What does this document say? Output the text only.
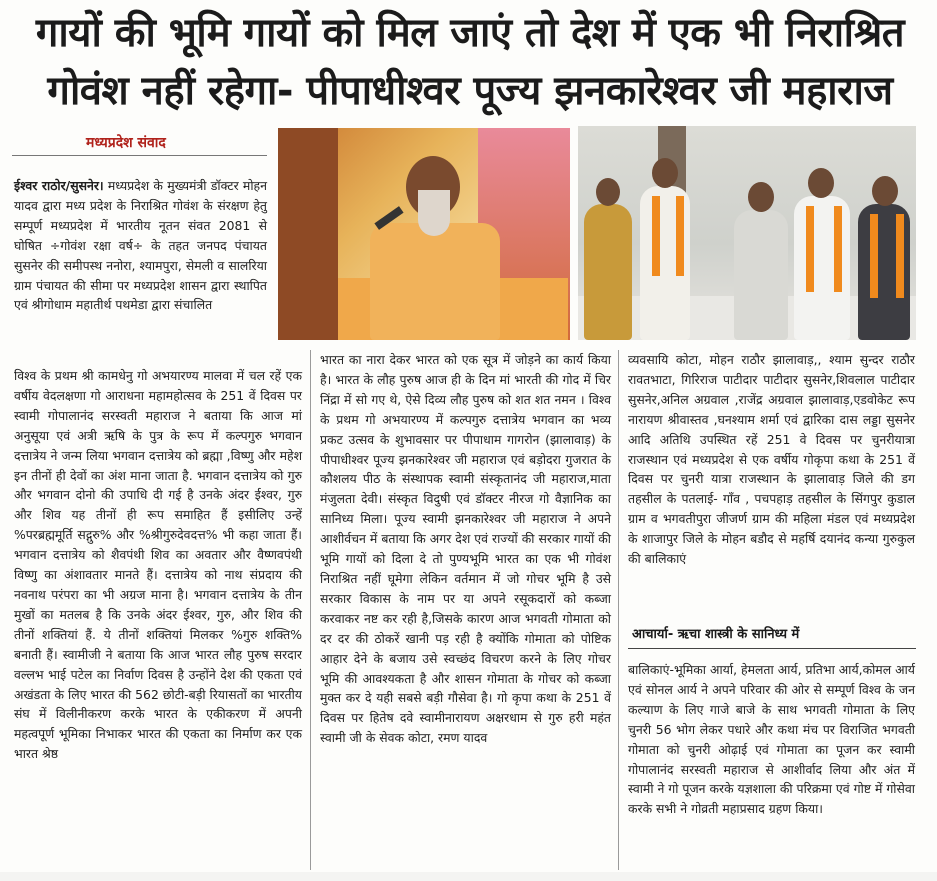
गायों की भूमि गायों को मिल जाएं तो देश में एक भी निराश्रित
गोवंश नहीं रहेगा- पीपाधीश्वर पूज्य झनकारेश्वर जी महाराज
मध्यप्रदेश संवाद

ईश्वर राठोर/सुसनेर। मध्यप्रदेश के मुख्यमंत्री डॉक्टर मोहन यादव द्वारा मध्य प्रदेश के निराश्रित गोवंश के संरक्षण हेतु सम्पूर्ण मध्यप्रदेश में भारतीय नूतन संवत 2081 से घोषित ÷गोवंश रक्षा वर्ष÷ के तहत जनपद पंचायत सुसनेर की समीपस्थ ननोरा, श्यामपुरा, सेमली व सालरिया ग्राम पंचायत की सीमा पर मध्यप्रदेश शासन द्वारा स्थापित एवं श्रीगोधाम महातीर्थ पथमेडा द्वारा संचालित

विश्व के प्रथम श्री कामधेनु गो अभयारण्य मालवा में चल रहें एक वर्षीय वेदलक्षणा गो आराधना महामहोत्सव के 251 वें दिवस पर स्वामी गोपालानंद सरस्वती महाराज ने बताया कि आज मां अनुसूया एवं अत्री ऋषि के पुत्र के रूप में कल्पगुरु भगवान दत्तात्रेय ने जन्म लिया भगवान दत्तात्रेय को ब्रह्मा ,विष्णु और महेश इन तीनों ही देवों का अंश माना जाता है. भगवान दत्तात्रेय को गुरु और भगवान दोनो की उपाधि दी गई है उनके अंदर ईश्वर, गुरु और शिव यह तीनों ही रूप समाहित हैं इसीलिए उन्हें %परब्रह्ममूर्ति सद्गुरु% और %श्रीगुरुदेवदत्त% भी कहा जाता हैं। भगवान दत्तात्रेय को शैवपंथी शिव का अवतार और वैष्णवपंथी विष्णु का अंशावतार मानते हैं। दत्तात्रेय को नाथ संप्रदाय की नवनाथ परंपरा का भी अग्रज माना है। भगवान दत्तात्रेय के तीन मुखों का मतलब है कि उनके अंदर ईश्वर, गुरु, और शिव की तीनों शक्तियां हैं. ये तीनों शक्तियां मिलकर %गुरु शक्ति% बनाती हैं। स्वामीजी ने बताया कि आज भारत लौह पुरुष सरदार वल्लभ भाई पटेल का निर्वाण दिवस है उन्होंने देश की एकता एवं अखंडता के लिए भारत की 562 छोटी-बड़ी रियासतों का भारतीय संघ में विलीनीकरण करके भारत के एकीकरण में अपनी महत्वपूर्ण भूमिका निभाकर भारत की एकता का निर्माण कर एक भारत श्रेष्ठ

भारत का नारा देकर भारत को एक सूत्र में जोड़ने का कार्य किया है। भारत के लौह पुरुष आज ही के दिन मां भारती की गोद में चिर निंद्रा में सो गए थे, ऐसे दिव्य लौह पुरुष को शत शत नमन । विश्व के प्रथम गो अभयारण्य में कल्पगुरु दत्तात्रेय भगवान का भव्य प्रकट उत्सव के शुभावसार पर पीपाधाम गागरोन (झालावाड़) के पीपाधीश्वर पूज्य झनकारेश्वर जी महाराज एवं बड़ोदरा गुजरात के कौशलय पीठ के संस्थापक स्वामी संस्कृतानंद जी महाराज,माता मंजुलता देवी। संस्कृत विदुषी एवं डॉक्टर नीरज गो वैज्ञानिक का सानिध्य मिला। पूज्य स्वामी झनकारेश्वर जी महाराज ने अपने आशीर्वचन में बताया कि अगर देश एवं राज्यों की सरकार गायों की भूमि गायों को दिला दे तो पुण्यभूमि भारत का एक भी गोवंश निराश्रित नहीं घूमेगा लेकिन वर्तमान में जो गोचर भूमि है उसे सरकार विकास के नाम पर या अपने रसूकदारों को कब्जा करवाकर नष्ट कर रही है,जिसके कारण आज भगवती गोमाता को दर दर की ठोकरें खानी पड़ रही है क्योंकि गोमाता को पोष्टिक आहार देने के बजाय उसे स्वच्छंद विचरण करने के लिए गोचर भूमि की आवश्यकता है और शासन गोमाता के गोचर को कब्जा मुक्त कर दे यही सबसे बड़ी गौसेवा है। गो कृपा कथा के 251 वें दिवस पर हितेष दवे स्वामीनारायण अक्षरधाम से गुरु हरी महंत स्वामी जी के सेवक कोटा, रमण यादव

व्यवसायि कोटा, मोहन राठौर झालावाड़,, श्याम सुन्दर राठौर रावतभाटा, गिरिराज पाटीदार पाटीदार सुसनेर,शिवलाल पाटीदार सुसनेर,अनिल अग्रवाल ,राजेंद्र अग्रवाल झालावाड़,एडवोकेट रूप नारायण श्रीवास्तव ,घनश्याम शर्मा एवं द्वारिका दास लड्डा सुसनेर आदि अतिथि उपस्थित रहें 251 वे दिवस पर चुनरीयात्रा राजस्थान एवं मध्यप्रदेश से एक वर्षीय गोकृपा कथा के 251 वें दिवस पर चुनरी यात्रा राजस्थान के झालावाड़ जिले की डग तहसील के पतलाई- गाँव , पचपहाड़ तहसील के सिंगपुर कुडाल ग्राम व भगवतीपुरा जीजर्ण ग्राम की महिला मंडल एवं मध्यप्रदेश के शाजापुर जिले के मोहन बडौद से महर्षि दयानंद कन्या गुरुकुल की बालिकाएं

आचार्या- ऋचा शास्त्री के सानिध्य में

बालिकाएं-भूमिका आर्या, हेमलता आर्य, प्रतिभा आर्य,कोमल आर्य एवं सोनल आर्य ने अपने परिवार की ओर से सम्पूर्ण विश्व के जन कल्याण के लिए गाजे बाजे के साथ भगवती गोमाता के लिए चुनरी 56 भोग लेकर पधारे और कथा मंच पर विराजित भगवती गोमाता को चुनरी ओढ़ाई एवं गोमाता का पूजन कर स्वामी गोपालानंद सरस्वती महाराज से आशीर्वाद लिया और अंत में स्वामी ने गो पूजन करके यज्ञशाला की परिक्रमा एवं गोष्ट में गोसेवा करके सभी ने गोव्रती महाप्रसाद ग्रहण किया।
